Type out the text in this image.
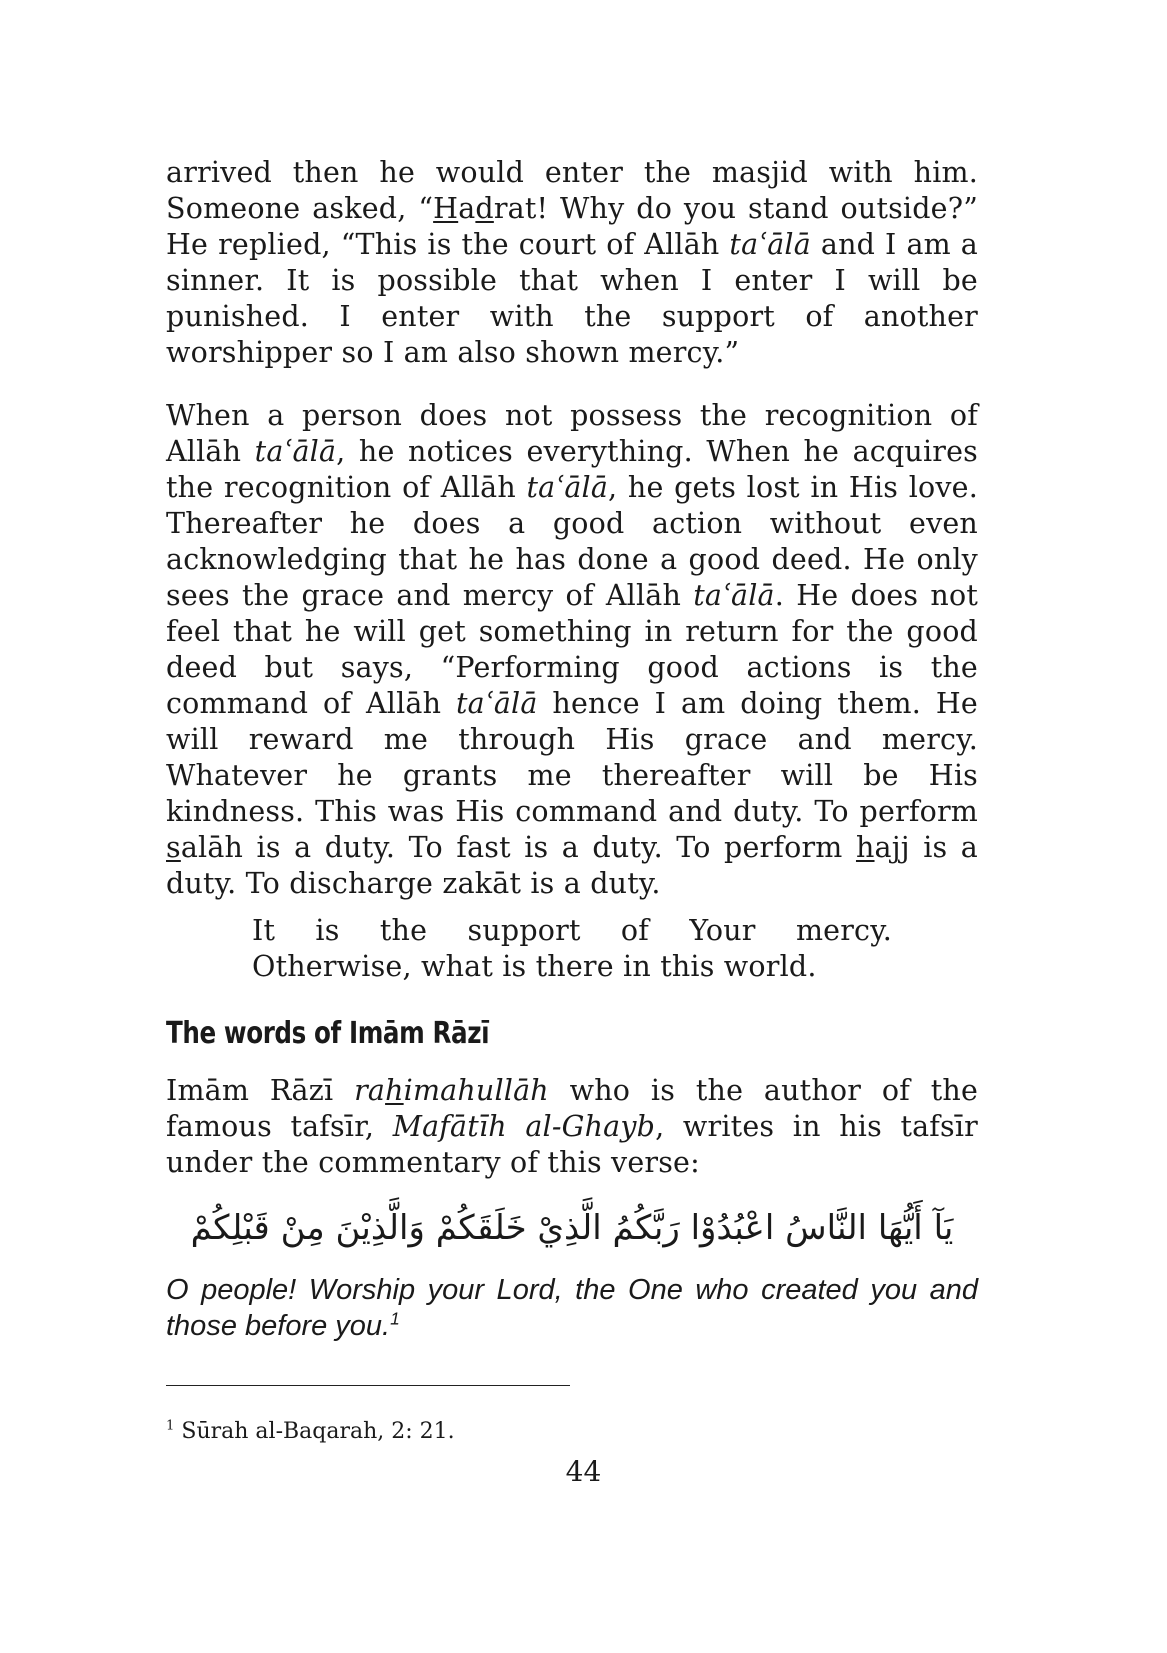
arrived then he would enter the masjid with him. Someone asked, “Hadrat! Why do you stand outside?” He replied, “This is the court of Allāh taʿālā and I am a sinner. It is possible that when I enter I will be punished. I enter with the support of another worshipper so I am also shown mercy.”

When a person does not possess the recognition of Allāh taʿālā, he notices everything. When he acquires the recognition of Allāh taʿālā, he gets lost in His love. Thereafter he does a good action without even acknowledging that he has done a good deed. He only sees the grace and mercy of Allāh taʿālā. He does not feel that he will get something in return for the good deed but says, “Performing good actions is the command of Allāh taʿālā hence I am doing them. He will reward me through His grace and mercy. Whatever he grants me thereafter will be His kindness. This was His command and duty. To perform salāh is a duty. To fast is a duty. To perform hajj is a duty. To discharge zakāt is a duty.

It is the support of Your mercy.

Otherwise, what is there in this world.

The words of Imām Rāzī

Imām Rāzī rahimahullāh who is the author of the famous tafsīr, Mafātīh al-Ghayb, writes in his tafsīr under the commentary of this verse:

يَآ أَيُّهَا النَّاسُ اعْبُدُوْا رَبَّكُمُ الَّذِيْ خَلَقَكُمْ وَالَّذِيْنَ مِنْ قَبْلِكُمْ

O people! Worship your Lord, the One who created you and those before you.$^1$

$^1$ Sūrah al-Baqarah, 2: 21.

44
